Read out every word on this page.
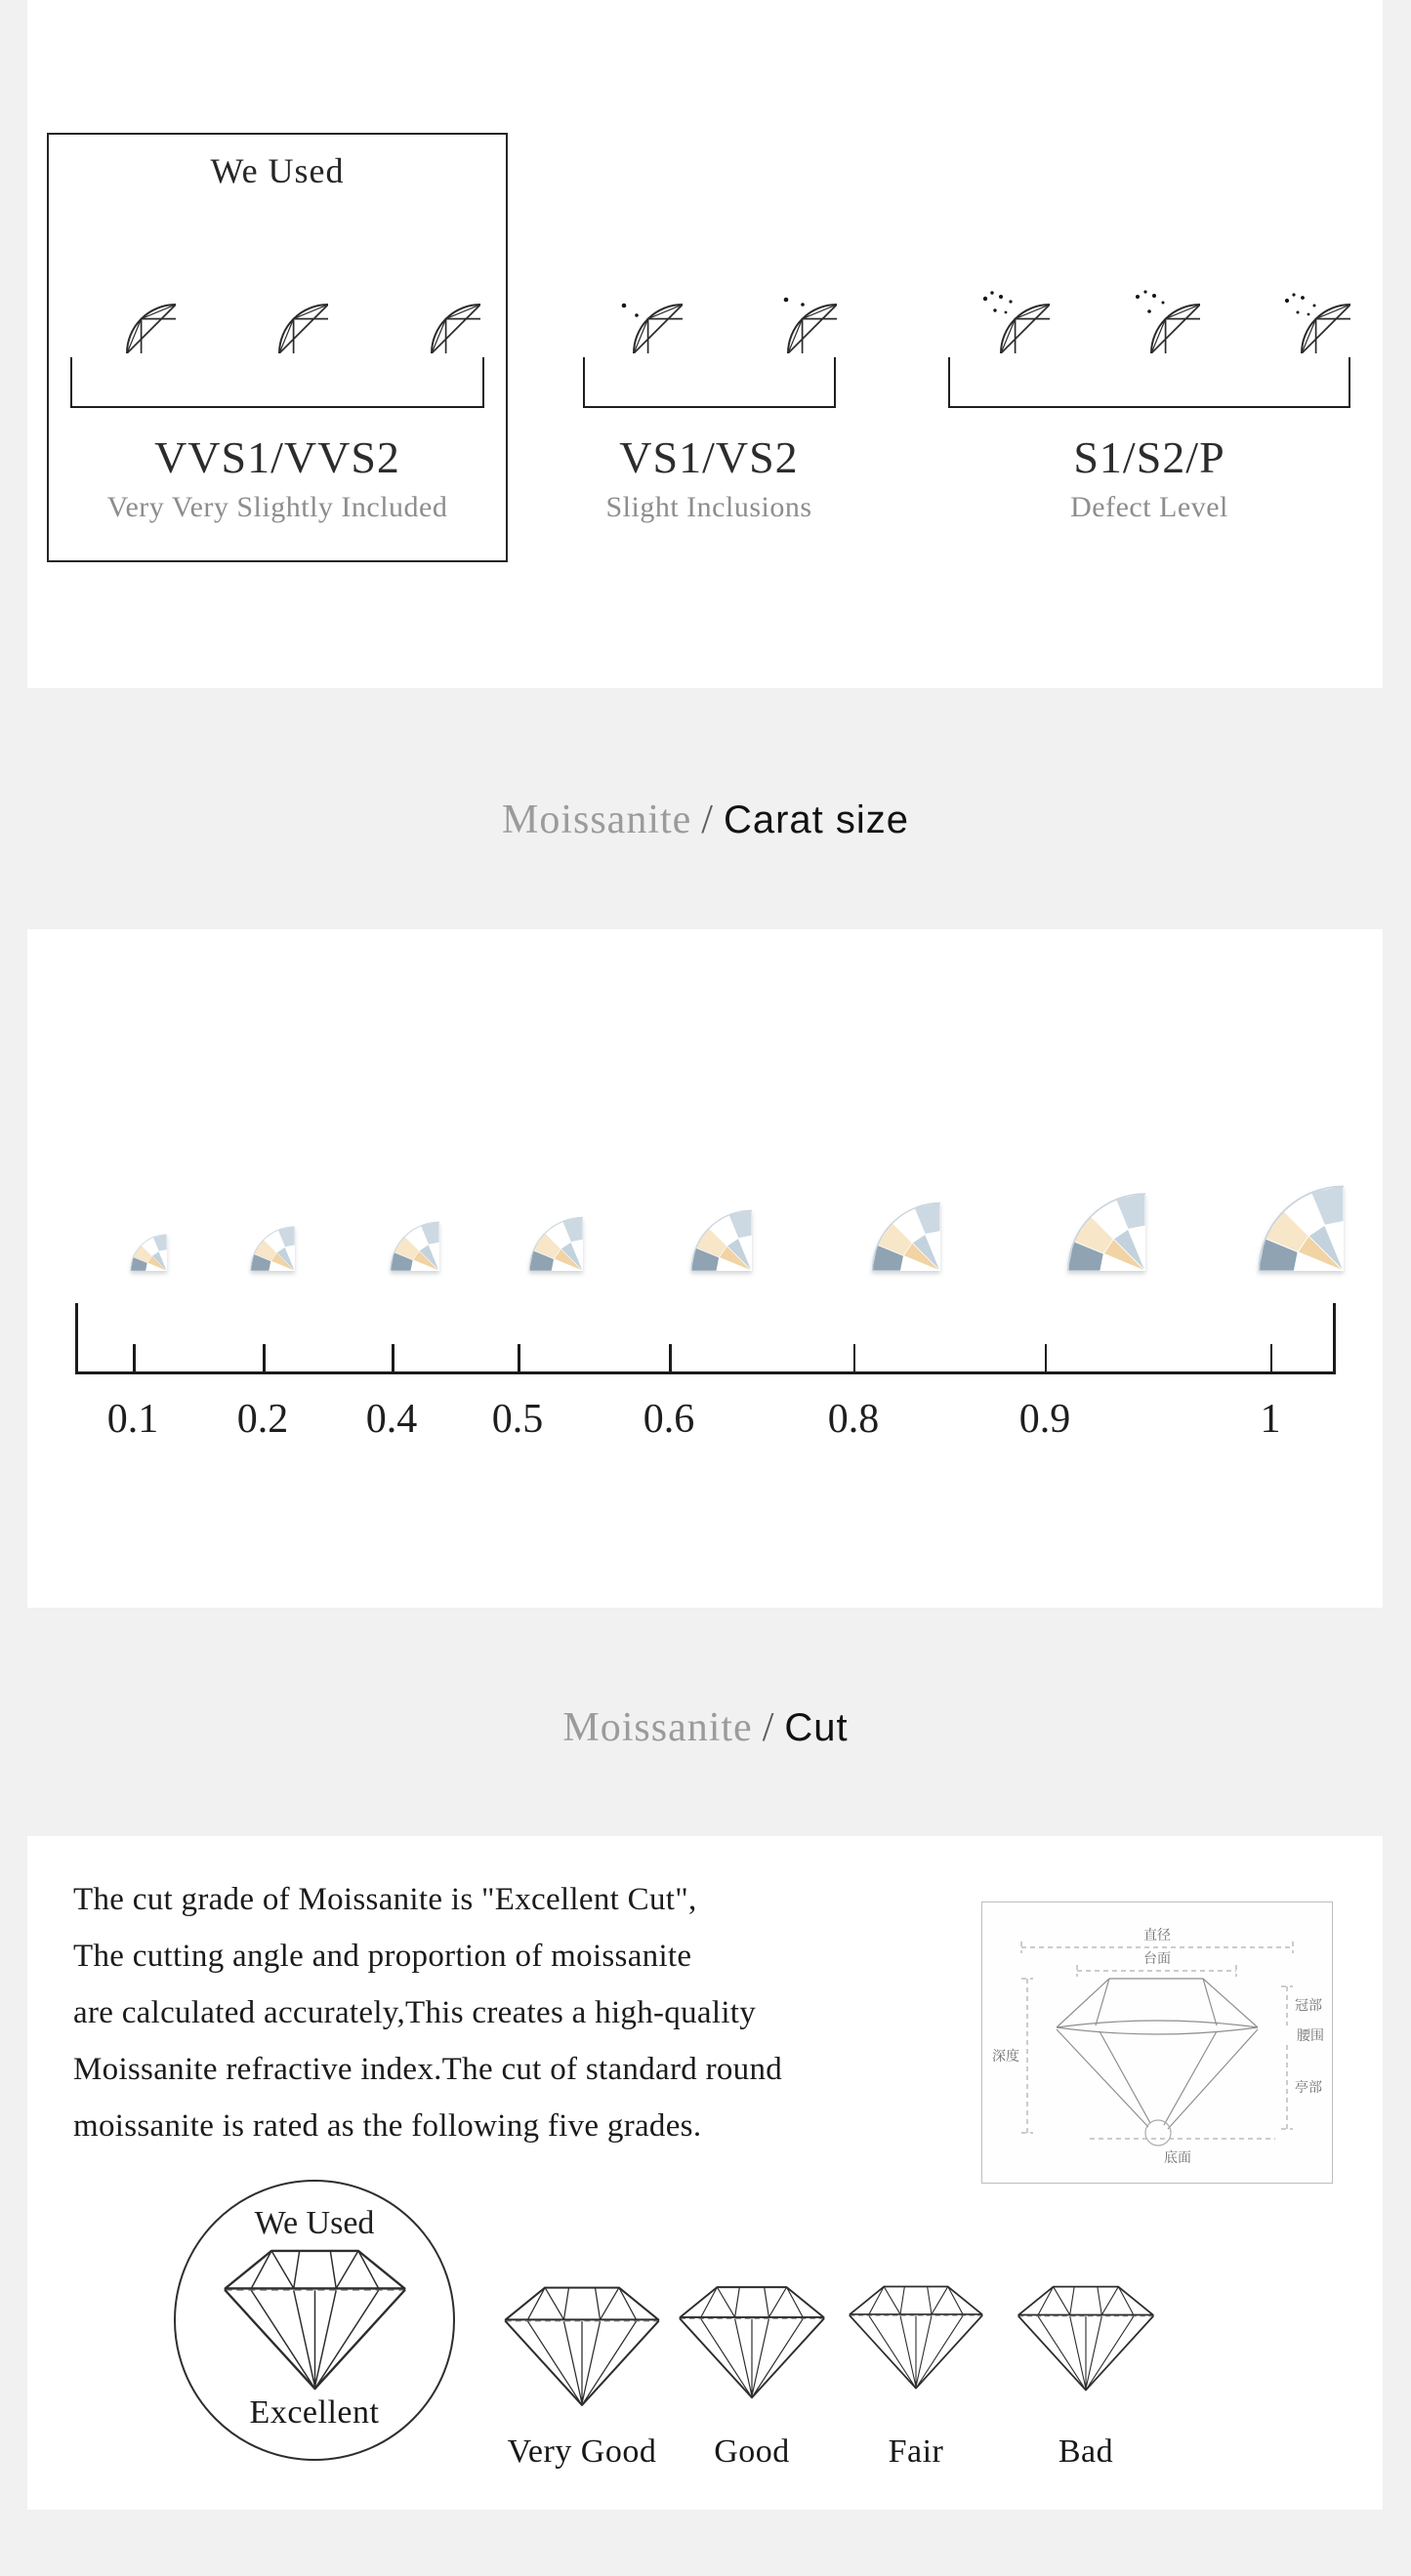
We Used
VVS1/VVS2
Very Very Slightly Included
VS1/VS2
Slight Inclusions
S1/S2/P
Defect Level
Moissanite / Carat size
0.1 0.2 0.4 0.5 0.6	0.8	0.9	1
Moissanite / Cut
The cut grade of Moissanite is "Excellent Cut",
The cutting angle and proportion of moissanite
are calculated accurately,This creates a high-quality
Moissanite refractive index.The cut of standard round
moissanite is rated as the following five grades.
直径
台面
深度
冠部
腰围
亭部
底面
We Used
Excellent
Very Good Good	Fair	Bad
